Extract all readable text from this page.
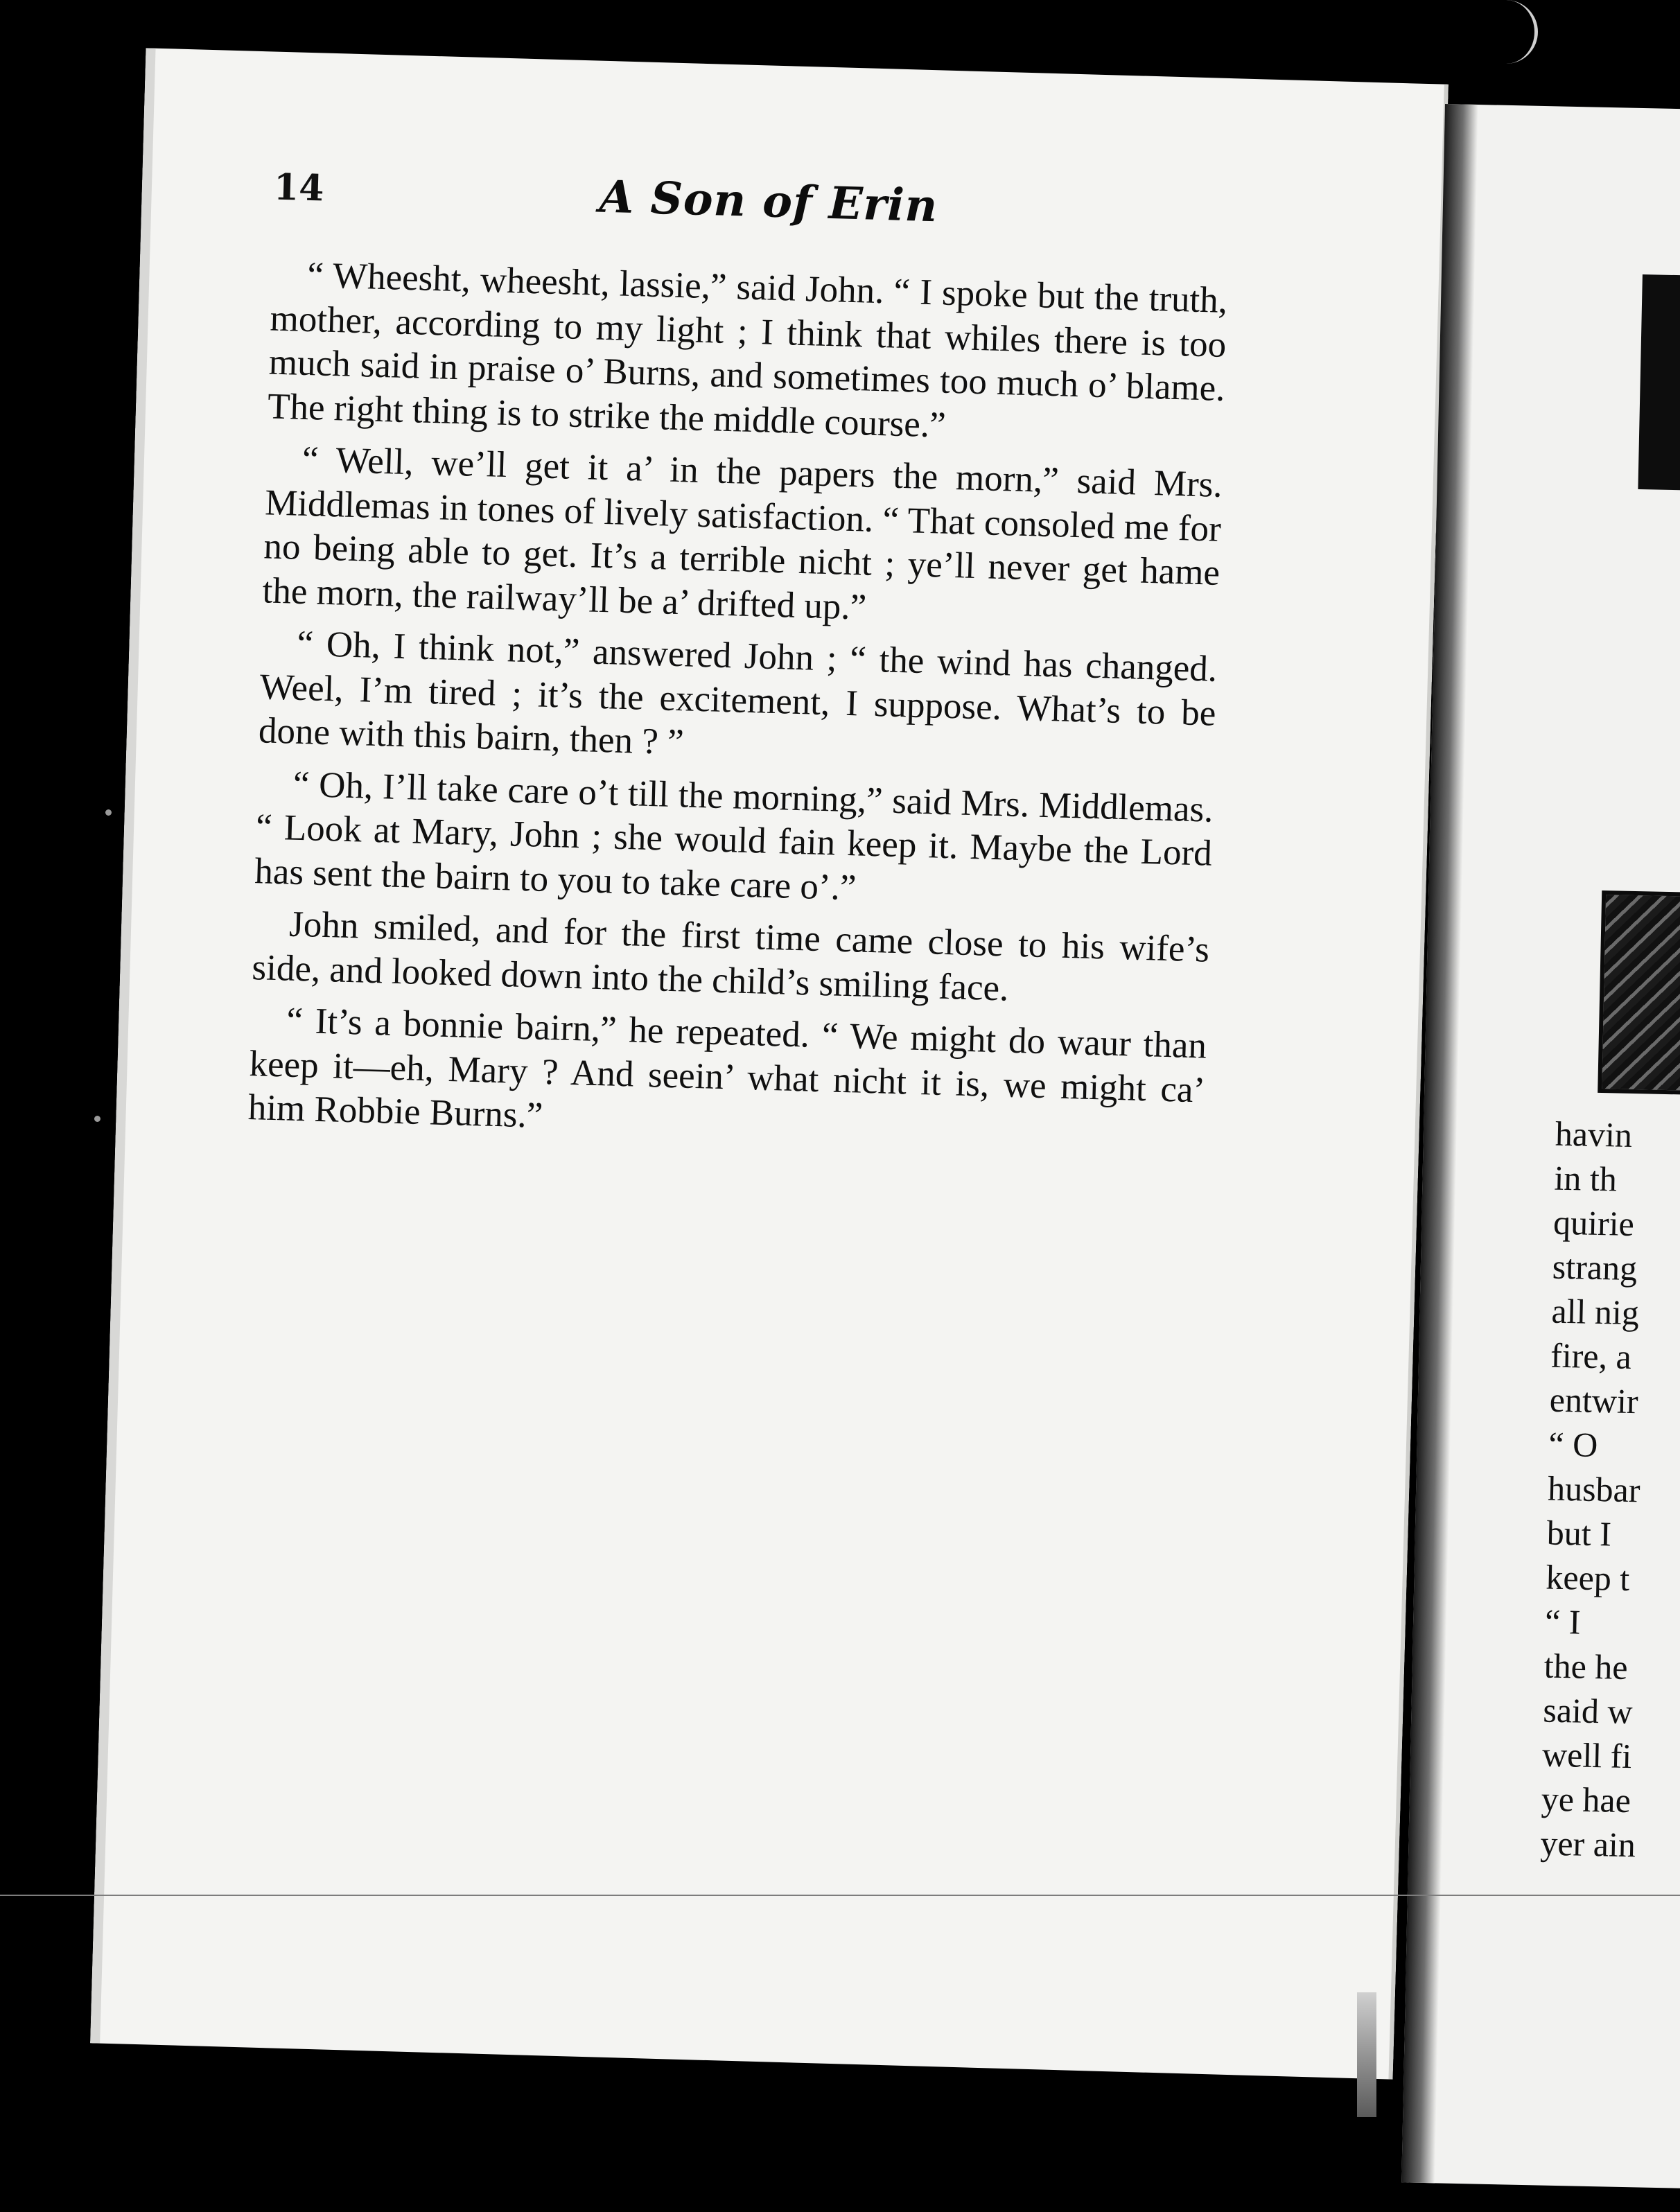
14	A Son of Erin

“ Wheesht, wheesht, lassie,” said John. “ I spoke but the truth, mother, according to my light ; I think that whiles there is too much said in praise o’ Burns, and sometimes too much o’ blame. The right thing is to strike the middle course.”

“ Well, we’ll get it a’ in the papers the morn,” said Mrs. Middlemas in tones of lively satisfaction. “ That consoled me for no being able to get. It’s a terrible nicht ; ye’ll never get hame the morn, the railway’ll be a’ drifted up.”

“ Oh, I think not,” answered John ; “ the wind has changed. Weel, I’m tired ; it’s the excitement, I suppose. What’s to be done with this bairn, then ? ”

“ Oh, I’ll take care o’t till the morning,” said Mrs. Middlemas. “ Look at Mary, John ; she would fain keep it. Maybe the Lord has sent the bairn to you to take care o’.”

John smiled, and for the first time came close to his wife’s side, and looked down into the child’s smiling face.

“ It’s a bonnie bairn,” he repeated. “ We might do waur than keep it—eh, Mary ? And seein’ what nicht it is, we might ca’ him Robbie Burns.”	havin
in th
quirie
strang
all nig
fire, a
entwir
“ O
husbar
but I
keep t
“ I
the he
said w
well fi
ye hae
yer ain
